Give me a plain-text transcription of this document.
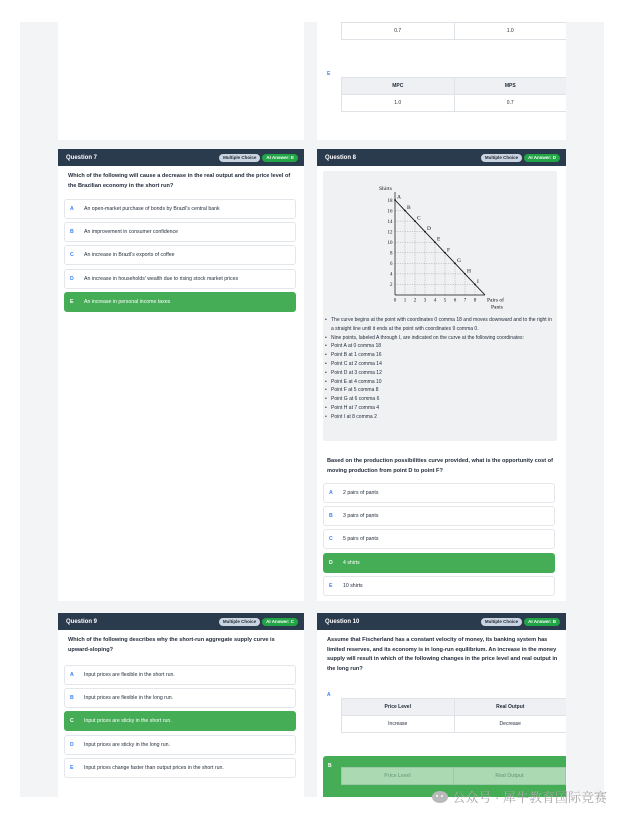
0.7	1.0
E
MPC	MPS
1.0	0.7
Question 7	Multiple Choice	AI Answer: E
Which of the following will cause a decrease in the real output and the price level of the Brazilian economy in the short run?
A	An open-market purchase of bonds by Brazil's central bank
B	An improvement in consumer confidence
C	An increase in Brazil's exports of coffee
D	An increase in households' wealth due to rising stock market prices
E	An increase in personal income taxes
Question 8	Multiple Choice	AI Answer: D
A
B
C
D
E
F
G
H
I
2
4
6
8
10
12
14
16
18
0 1 2 3 4 5 6 7 8
Shirts
Pairs of Pants
• The curve begins at the point with coordinates 0 comma 18 and moves downward and to the right in a straight line until it ends at the point with coordinates 9 comma 0.
• Nine points, labeled A through I, are indicated on the curve at the following coordinates:
• Point A at 0 comma 18
• Point B at 1 comma 16
• Point C at 2 comma 14
• Point D at 3 comma 12
• Point E at 4 comma 10
• Point F at 5 comma 8
• Point G at 6 comma 6
• Point H at 7 comma 4
• Point I at 8 comma 2
Based on the production possibilities curve provided, what is the opportunity cost of moving production from point D to point F?
A	2 pairs of pants
B	3 pairs of pants
C	5 pairs of pants
D	4 shirts
E	10 shirts
Question 9	Multiple Choice	AI Answer: C
Which of the following describes why the short-run aggregate supply curve is upward-sloping?
A	Input prices are flexible in the short run.
B	Input prices are flexible in the long run.
C	Input prices are sticky in the short run.
D	Input prices are sticky in the long run.
E	Input prices change faster than output prices in the short run.
Question 10	Multiple Choice	AI Answer: B
Assume that Fischerland has a constant velocity of money, its banking system has limited reserves, and its economy is in long-run equilibrium. An increase in the money supply will result in which of the following changes in the price level and real output in the long run?
A
Price Level	Real Output
Increase	Decrease
B
Price Level	Real Output
公众号 · 犀牛教育国际竞赛
